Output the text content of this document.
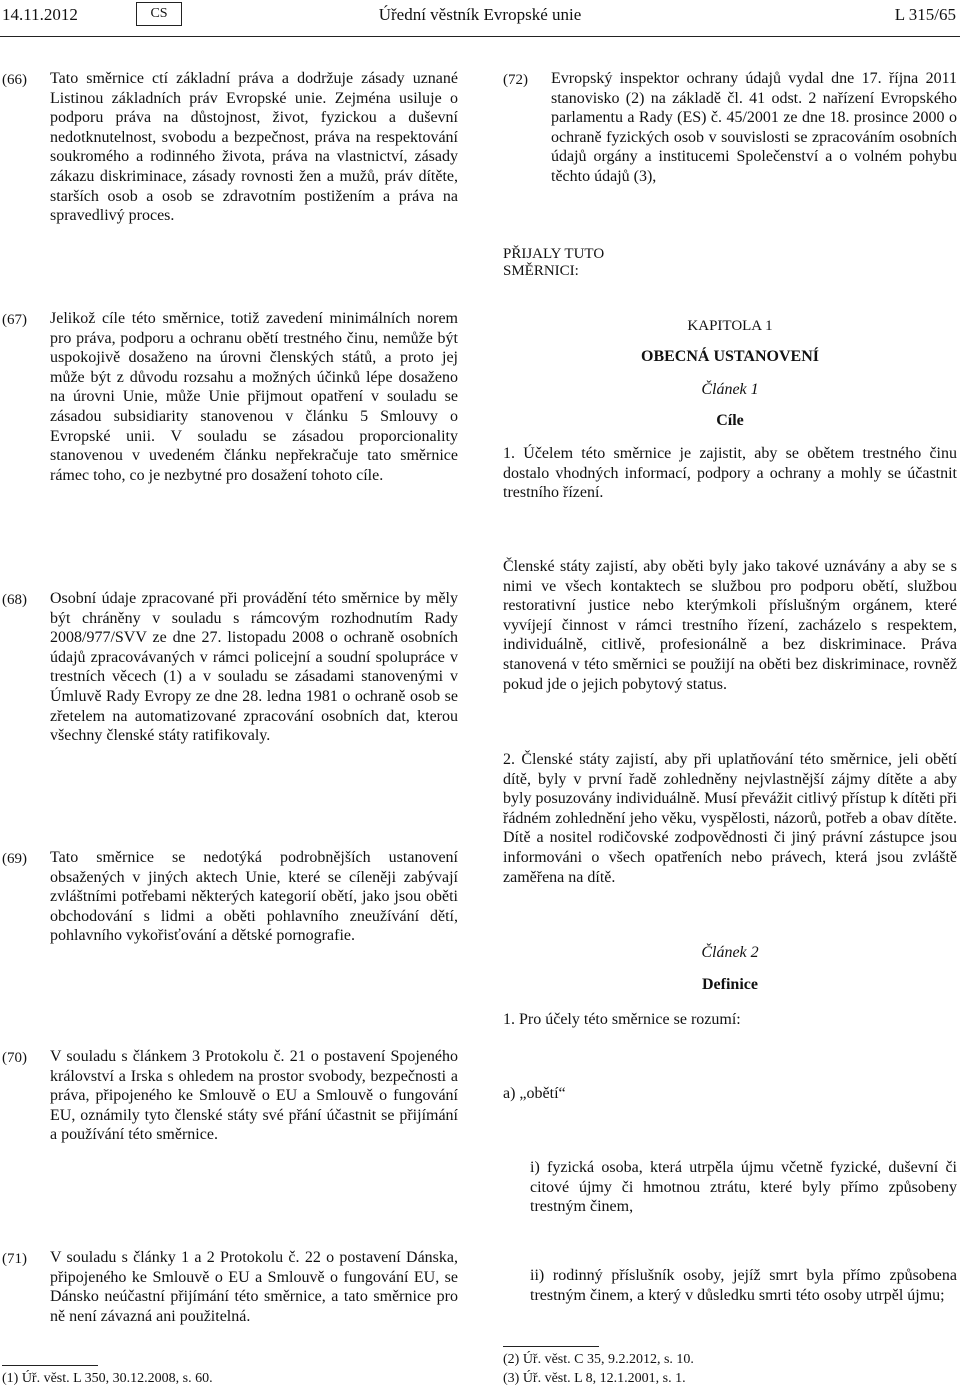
14.11.2012	CS	Úřední věstník Evropské unie	L 315/65
(66) Tato směrnice ctí základní práva a dodržuje zásady uznané Listinou základních práv Evropské unie. Zejména usiluje o podporu práva na důstojnost, život, fyzickou a duševní nedotknutelnost, svobodu a bezpečnost, práva na respektování soukromého a rodinného života, práva na vlastnictví, zásady zákazu diskriminace, zásady rovnosti žen a mužů, práv dítěte, starších osob a osob se zdravotním postižením a práva na spravedlivý proces.
(72) Evropský inspektor ochrany údajů vydal dne 17. října 2011 stanovisko (2) na základě čl. 41 odst. 2 nařízení Evropského parlamentu a Rady (ES) č. 45/2001 ze dne 18. prosince 2000 o ochraně fyzických osob v souvislosti se zpracováním osobních údajů orgány a institucemi Společenství a o volném pohybu těchto údajů (3),
PŘIJALY TUTO SMĚRNICI:
(67) Jelikož cíle této směrnice, totiž zavedení minimálních norem pro práva, podporu a ochranu obětí trestného činu, nemůže být uspokojivě dosaženo na úrovni členských států, a proto jej může být z důvodu rozsahu a možných účinků lépe dosaženo na úrovni Unie, může Unie přijmout opatření v souladu se zásadou subsidiarity stanovenou v článku 5 Smlouvy o Evropské unii. V souladu se zásadou proporcionality stanovenou v uvedeném článku nepřekračuje tato směrnice rámec toho, co je nezbytné pro dosažení tohoto cíle.
KAPITOLA 1
OBECNÁ USTANOVENÍ
Článek 1
Cíle
1. Účelem této směrnice je zajistit, aby se obětem trestného činu dostalo vhodných informací, podpory a ochrany a mohly se účastnit trestního řízení.
(68) Osobní údaje zpracované při provádění této směrnice by měly být chráněny v souladu s rámcovým rozhodnutím Rady 2008/977/SVV ze dne 27. listopadu 2008 o ochraně osobních údajů zpracovávaných v rámci policejní a soudní spolupráce v trestních věcech (1) a v souladu se zásadami stanovenými v Úmluvě Rady Evropy ze dne 28. ledna 1981 o ochraně osob se zřetelem na automatizované zpracování osobních dat, kterou všechny členské státy ratifikovaly.
Členské státy zajistí, aby oběti byly jako takové uznávány a aby se s nimi ve všech kontaktech se službou pro podporu obětí, službou restorativní justice nebo kterýmkoli příslušným orgánem, které vyvíjejí činnost v rámci trestního řízení, zacházelo s respektem, individuálně, citlivě, profesionálně a bez diskriminace. Práva stanovená v této směrnici se použijí na oběti bez diskriminace, rovněž pokud jde o jejich pobytový status.
2. Členské státy zajistí, aby při uplatňování této směrnice, jeli obětí dítě, byly v první řadě zohledněny nejvlastnější zájmy dítěte a aby byly posuzovány individuálně. Musí převážit citlivý přístup k dítěti při řádném zohlednění jeho věku, vyspělosti, názorů, potřeb a obav dítěte. Dítě a nositel rodičovské zodpovědnosti či jiný právní zástupce jsou informováni o všech opatřeních nebo právech, která jsou zvláště zaměřena na dítě.
(69) Tato směrnice se nedotýká podrobnějších ustanovení obsažených v jiných aktech Unie, které se cíleněji zabývají zvláštními potřebami některých kategorií obětí, jako jsou oběti obchodování s lidmi a oběti pohlavního zneužívání dětí, pohlavního vykořisťování a dětské pornografie.
Článek 2
Definice
1. Pro účely této směrnice se rozumí:
(70) V souladu s článkem 3 Protokolu č. 21 o postavení Spojeného království a Irska s ohledem na prostor svobody, bezpečnosti a práva, připojeného ke Smlouvě o EU a Smlouvě o fungování EU, oznámily tyto členské státy své přání účastnit se přijímání a používání této směrnice.
a) „obětí“
i) fyzická osoba, která utrpěla újmu včetně fyzické, duševní či citové újmy či hmotnou ztrátu, které byly přímo způsobeny trestným činem,
(71) V souladu s články 1 a 2 Protokolu č. 22 o postavení Dánska, připojeného ke Smlouvě o EU a Smlouvě o fungování EU, se Dánsko neúčastní přijímání této směrnice, a tato směrnice pro ně není závazná ani použitelná.
ii) rodinný příslušník osoby, jejíž smrt byla přímo způsobena trestným činem, a který v důsledku smrti této osoby utrpěl újmu;
(1) Úř. věst. L 350, 30.12.2008, s. 60.
(2) Úř. věst. C 35, 9.2.2012, s. 10.
(3) Úř. věst. L 8, 12.1.2001, s. 1.
